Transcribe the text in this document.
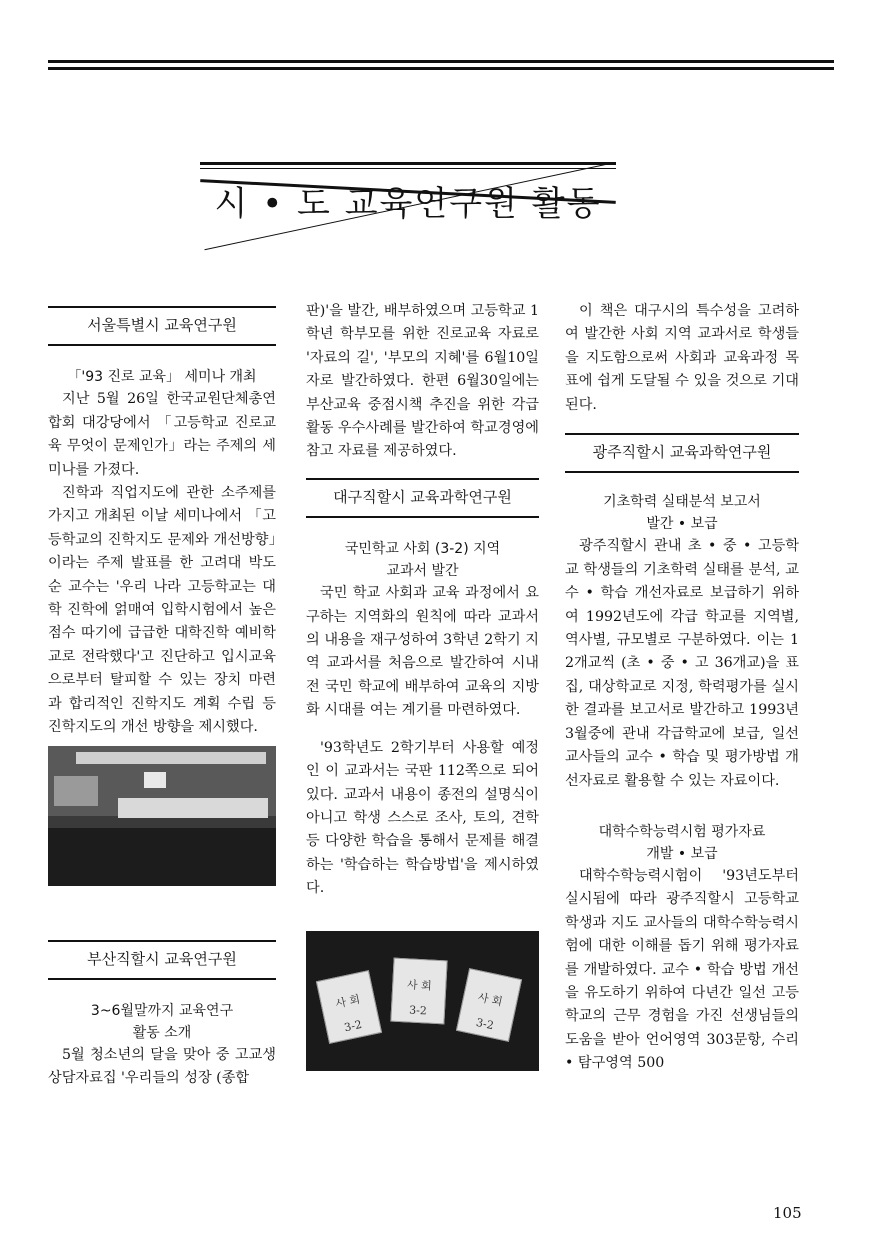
시 • 도 교육연구원 활동
서울특별시 교육연구원
「'93 진로 교육」 세미나 개최

지난 5월 26일 한국교원단체총연합회 대강당에서 「고등학교 진로교육 무엇이 문제인가」라는 주제의 세미나를 가졌다.

진학과 직업지도에 관한 소주제를 가지고 개최된 이날 세미나에서 「고등학교의 진학지도 문제와 개선방향」이라는 주제 발표를 한 고려대 박도순 교수는 '우리 나라 고등학교는 대학 진학에 얽매여 입학시험에서 높은 점수 따기에 급급한 대학진학 예비학교로 전락했다'고 진단하고 입시교육으로부터 탈피할 수 있는 장치 마련과 합리적인 진학지도 계획 수립 등 진학지도의 개선 방향을 제시했다.

부산직할시 교육연구원
3~6월말까지 교육연구
활동 소개

5월 청소년의 달을 맞아 중 고교생 상담자료집 '우리들의 성장 (종합

판)'을 발간, 배부하였으며 고등학교 1학년 학부모를 위한 진로교육 자료로 '자료의 길', '부모의 지혜'를 6월10일자로 발간하였다. 한편 6월30일에는 부산교육 중점시책 추진을 위한 각급 활동 우수사례를 발간하여 학교경영에 참고 자료를 제공하였다.

대구직할시 교육과학연구원
국민학교 사회 (3-2) 지역
교과서 발간

국민 학교 사회과 교육 과정에서 요구하는 지역화의 원칙에 따라 교과서의 내용을 재구성하여 3학년 2학기 지역 교과서를 처음으로 발간하여 시내 전 국민 학교에 배부하여 교육의 지방화 시대를 여는 계기를 마련하였다.

'93학년도 2학기부터 사용할 예정인 이 교과서는 국판 112쪽으로 되어 있다. 교과서 내용이 종전의 설명식이 아니고 학생 스스로 조사, 토의, 견학 등 다양한 학습을 통해서 문제를 해결하는 '학습하는 학습방법'을 제시하였다.

사 회
3-2
사 회
3-2
사 회
3-2

이 책은 대구시의 특수성을 고려하여 발간한 사회 지역 교과서로 학생들을 지도함으로써 사회과 교육과정 목표에 쉽게 도달될 수 있을 것으로 기대된다.

광주직할시 교육과학연구원
기초학력 실태분석 보고서
발간 • 보급

광주직할시 관내 초 • 중 • 고등학교 학생들의 기초학력 실태를 분석, 교수 • 학습 개선자료로 보급하기 위하여 1992년도에 각급 학교를 지역별, 역사별, 규모별로 구분하였다. 이는 12개교씩 (초 • 중 • 고 36개교)을 표집, 대상학교로 지정, 학력평가를 실시한 결과를 보고서로 발간하고 1993년 3월중에 관내 각급학교에 보급, 일선교사들의 교수 • 학습 및 평가방법 개선자료로 활용할 수 있는 자료이다.

대학수학능력시험 평가자료
개발 • 보급

대학수학능력시험이 '93년도부터 실시됨에 따라 광주직할시 고등학교 학생과 지도 교사들의 대학수학능력시험에 대한 이해를 돕기 위해 평가자료를 개발하였다. 교수 • 학습 방법 개선을 유도하기 위하여 다년간 일선 고등학교의 근무 경험을 가진 선생님들의 도움을 받아 언어영역 303문항, 수리 • 탐구영역 500

105
